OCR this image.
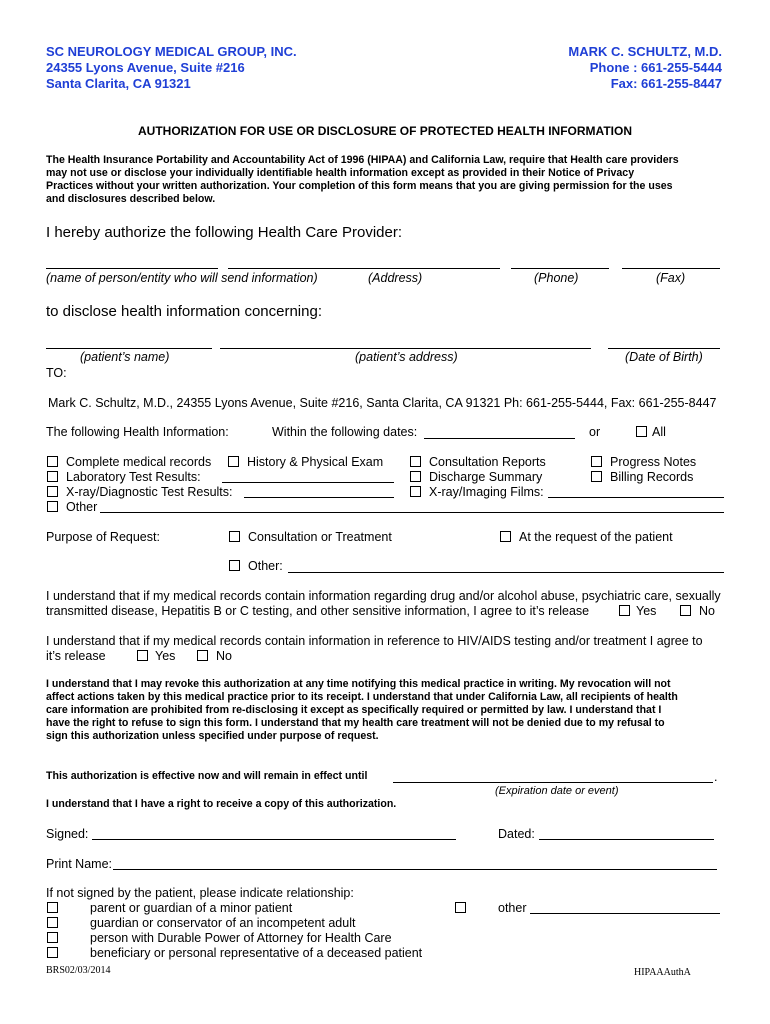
SC NEUROLOGY MEDICAL GROUP, INC.
24355 Lyons Avenue, Suite #216
Santa Clarita, CA 91321
MARK C. SCHULTZ, M.D.
Phone : 661-255-5444
Fax: 661-255-8447
AUTHORIZATION FOR USE OR DISCLOSURE OF PROTECTED HEALTH INFORMATION
The Health Insurance Portability and Accountability Act of 1996 (HIPAA) and California Law, require that Health care providers
may not use or disclose your individually identifiable health information except as provided in their Notice of Privacy
Practices without your written authorization. Your completion of this form means that you are giving permission for the uses
and disclosures described below.
I hereby authorize the following Health Care Provider:
(name of person/entity who will send information)	(Address)	(Phone)	(Fax)
to disclose health information concerning:
(patient’s name)	(patient’s address)	(Date of Birth)
TO:
Mark C. Schultz, M.D., 24355 Lyons Avenue, Suite #216, Santa Clarita, CA 91321 Ph: 661-255-5444, Fax: 661-255-8447
The following Health Information:	Within the following dates:	or	All
Complete medical records	History & Physical Exam	Consultation Reports	Progress Notes
Laboratory Test Results:	Discharge Summary	Billing Records
X-ray/Diagnostic Test Results:	X-ray/Imaging Films:
Other
Purpose of Request:	Consultation or Treatment	At the request of the patient
Other:
I understand that if my medical records contain information regarding drug and/or alcohol abuse, psychiatric care, sexually
transmitted disease, Hepatitis B or C testing, and other sensitive information, I agree to it’s release	Yes	No
I understand that if my medical records contain information in reference to HIV/AIDS testing and/or treatment I agree to
it’s release	Yes	No
I understand that I may revoke this authorization at any time notifying this medical practice in writing. My revocation will not
affect actions taken by this medical practice prior to its receipt. I understand that under California Law, all recipients of health
care information are prohibited from re-disclosing it except as specifically required or permitted by law. I understand that I
have the right to refuse to sign this form. I understand that my health care treatment will not be denied due to my refusal to
sign this authorization unless specified under purpose of request.
This authorization is effective now and will remain in effect until	.
(Expiration date or event)
I understand that I have a right to receive a copy of this authorization.
Signed:	Dated:
Print Name:
If not signed by the patient, please indicate relationship:
parent or guardian of a minor patient
guardian or conservator of an incompetent adult
person with Durable Power of Attorney for Health Care
beneficiary or personal representative of a deceased patient
other
BRS02/03/2014	HIPAAAuthA
